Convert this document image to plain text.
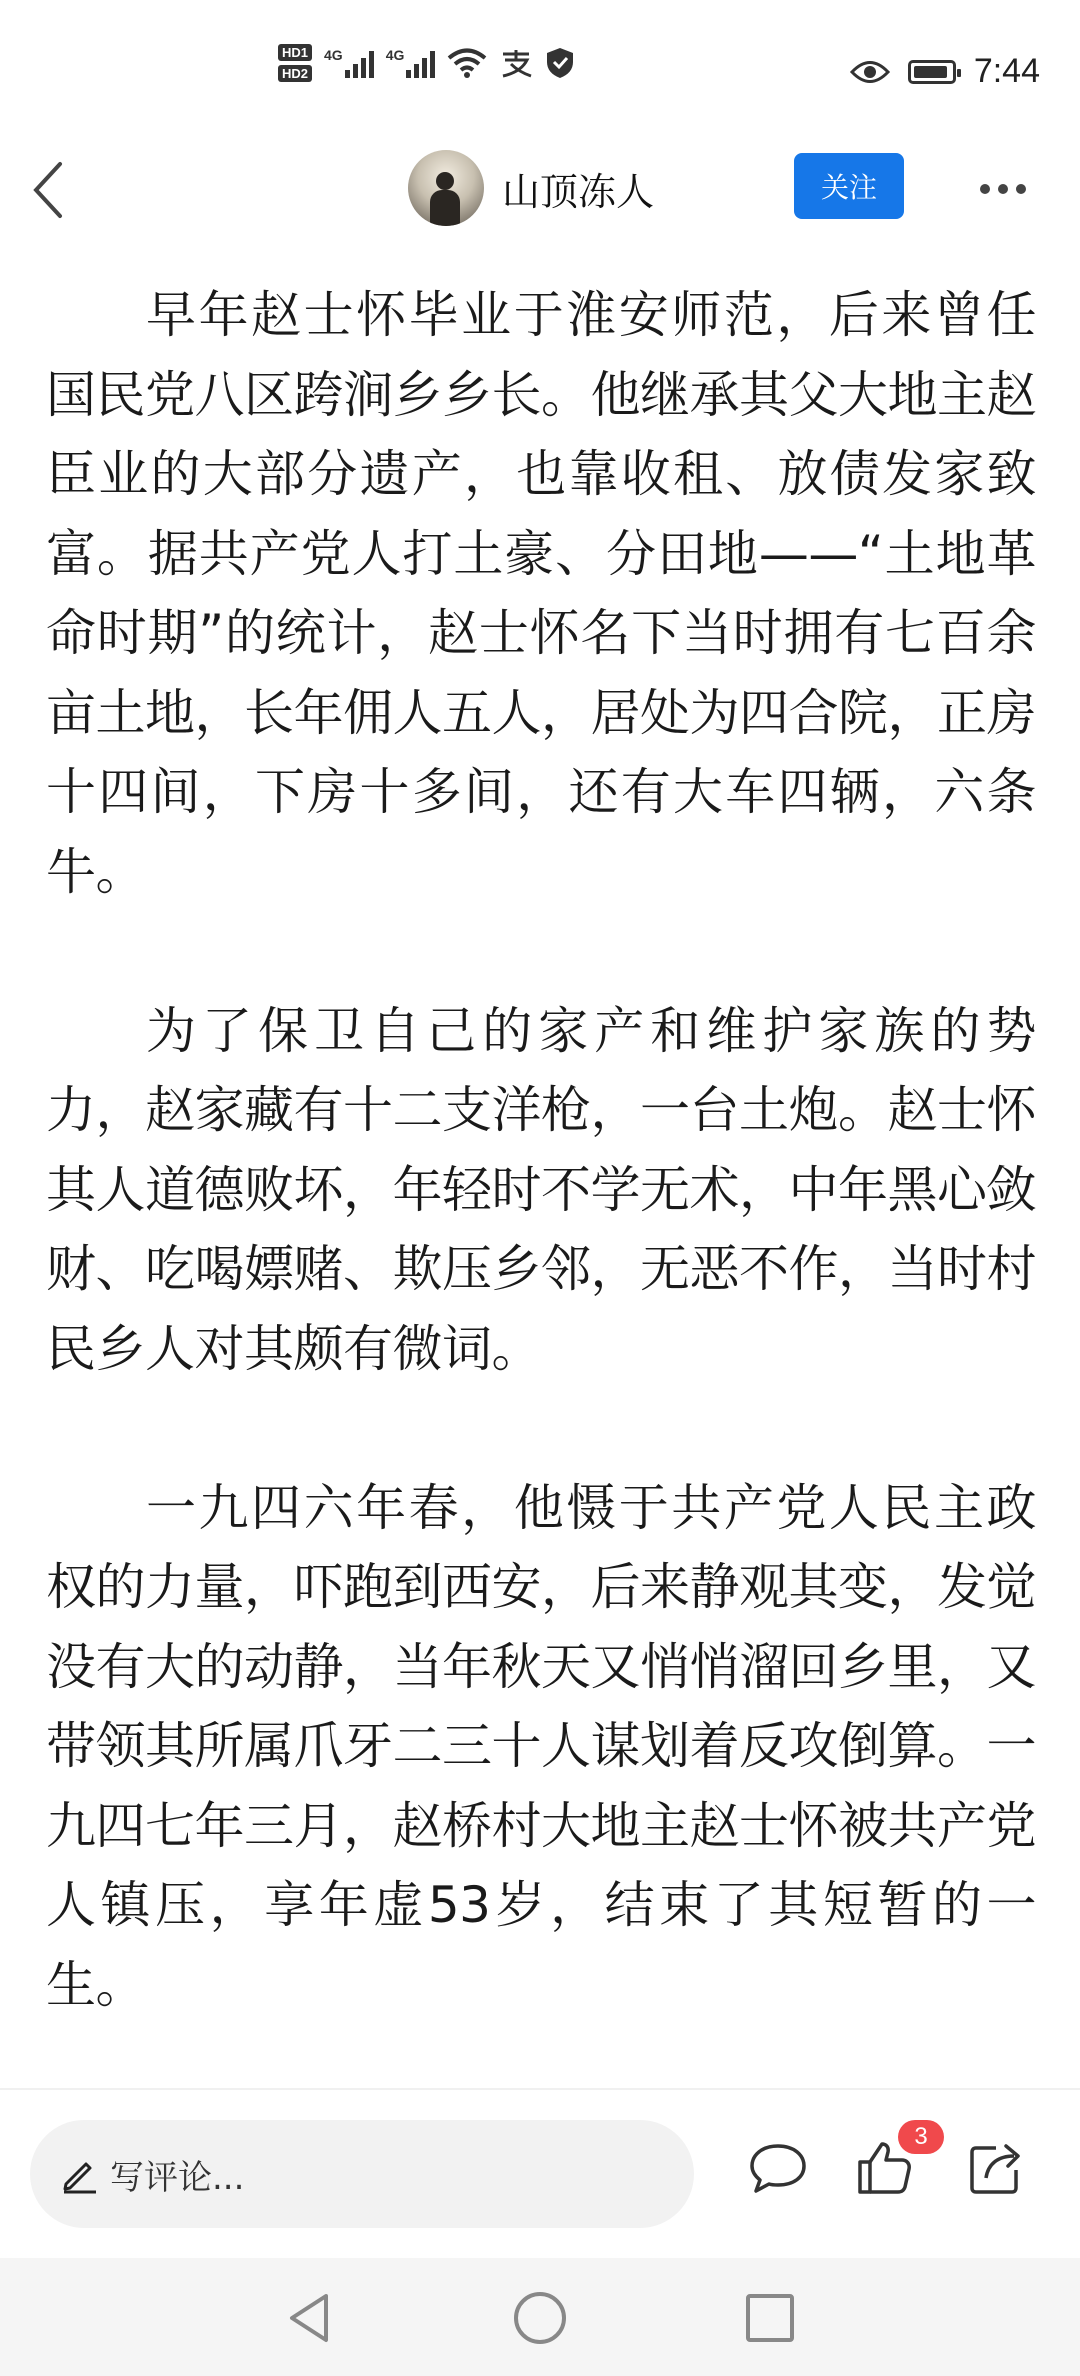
HD1
HD2
4G	4G	7:44
山顶冻人	关注

早年赵士怀毕业于淮安师范，后来曾任国民党八区跨涧乡乡长。他继承其父大地主赵臣业的大部分遗产，也靠收租、放债发家致富。据共产党人打土豪、分田地——“土地革命时期”的统计，赵士怀名下当时拥有七百余亩土地，长年佣人五人，居处为四合院，正房十四间，下房十多间，还有大车四辆，六条牛。

为了保卫自己的家产和维护家族的势力，赵家藏有十二支洋枪，一台土炮。赵士怀其人道德败坏，年轻时不学无术，中年黑心敛财、吃喝嫖赌、欺压乡邻，无恶不作，当时村民乡人对其颇有微词。

一九四六年春，他慑于共产党人民主政权的力量，吓跑到西安，后来静观其变，发觉没有大的动静，当年秋天又悄悄溜回乡里，又带领其所属爪牙二三十人谋划着反攻倒算。一九四七年三月，赵桥村大地主赵士怀被共产党人镇压，享年虚53岁，结束了其短暂的一生。

写评论...
3
